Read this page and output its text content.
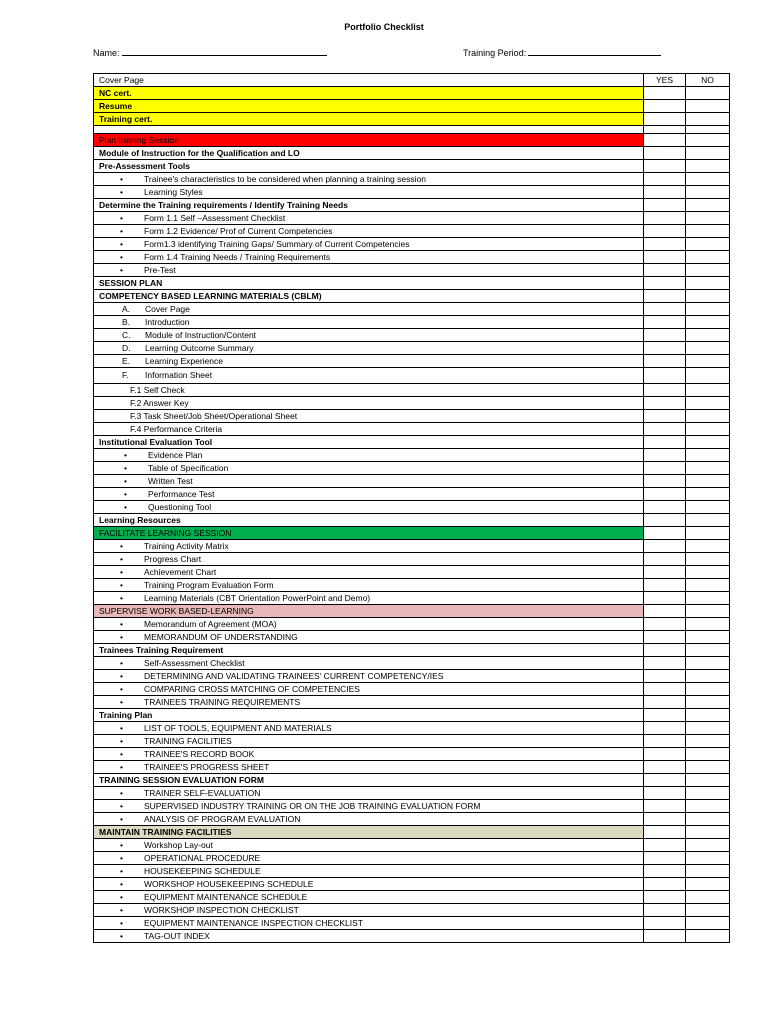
Portfolio Checklist
Name:	Training Period:
Cover Page	YES	NO
NC cert.		
Resume		
Training cert.		

Plan training Session		
Module of Instruction for the Qualification and LO		
Pre-Assessment Tools		
• Trainee's characteristics to be considered when planning a training session		
• Learning Styles		
Determine the Training requirements / Identify Training Needs		
• Form 1.1 Self –Assessment Checklist		
• Form 1.2 Evidence/ Prof of Current Competencies		
• Form1.3 identifying Training Gaps/ Summary of Current Competencies		
• Form 1.4 Training Needs / Training Requirements		
• Pre-Test		
SESSION PLAN		
COMPETENCY BASED LEARNING MATERIALS (CBLM)		
A. Cover Page		
B. Introduction		
C. Module of Instruction/Content		
D. Learning Outcome Summary		
E. Learning Experience		
F. Information Sheet		
F.1 Self Check		
F.2 Answer Key		
F.3 Task Sheet/Job Sheet/Operational Sheet		
F.4 Performance Criteria		
Institutional Evaluation Tool		
• Evidence Plan		
• Table of Specification		
• Written Test		
• Performance Test		
• Questioning Tool		
Learning Resources		
FACILITATE LEARNING SESSION		
• Training Activity Matrix		
• Progress Chart		
• Achievement Chart		
• Training Program Evaluation Form		
• Learning Materials (CBT Orientation PowerPoint and Demo)		
SUPERVISE WORK BASED-LEARNING		
• Memorandum of Agreement (MOA)		
• MEMORANDUM OF UNDERSTANDING		
Trainees Training Requirement		
• Self-Assessment Checklist		
• DETERMINING AND VALIDATING TRAINEES' CURRENT COMPETENCY/IES		
• COMPARING CROSS MATCHING OF COMPETENCIES		
• TRAINEES TRAINING REQUIREMENTS		
Training Plan		
• LIST OF TOOLS, EQUIPMENT AND MATERIALS		
• TRAINING FACILITIES		
• TRAINEE'S RECORD BOOK		
• TRAINEE'S PROGRESS SHEET		
TRAINING SESSION EVALUATION FORM		
• TRAINER SELF-EVALUATION		
• SUPERVISED INDUSTRY TRAINING OR ON THE JOB TRAINING EVALUATION FORM		
• ANALYSIS OF PROGRAM EVALUATION		
MAINTAIN TRAINING FACILITIES		
• Workshop Lay-out		
• OPERATIONAL PROCEDURE		
• HOUSEKEEPING SCHEDULE		
• WORKSHOP HOUSEKEEPING SCHEDULE		
• EQUIPMENT MAINTENANCE SCHEDULE		
• WORKSHOP INSPECTION CHECKLIST		
• EQUIPMENT MAINTENANCE INSPECTION CHECKLIST		
• TAG-OUT INDEX		
